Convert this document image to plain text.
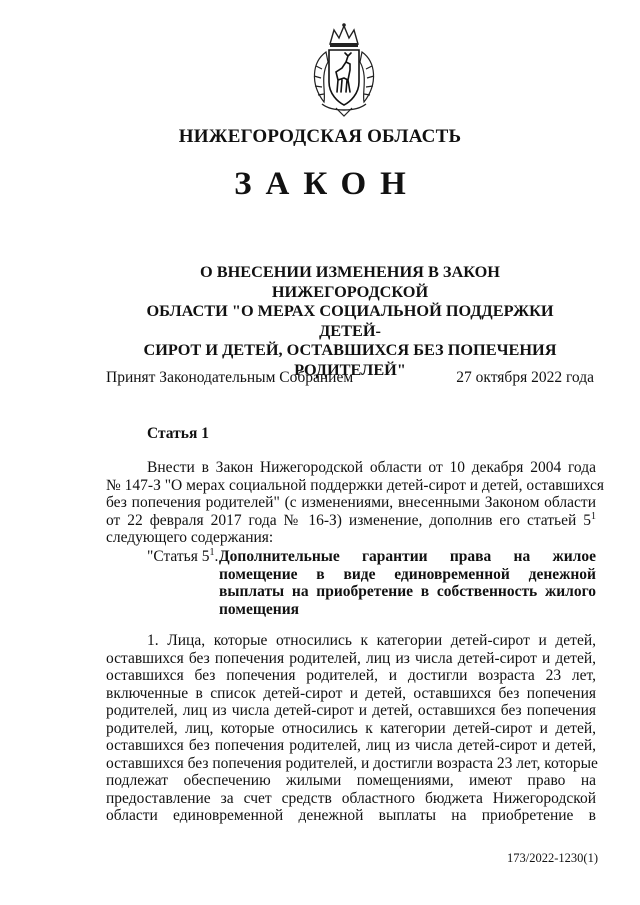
НИЖЕГОРОДСКАЯ ОБЛАСТЬ
ЗАКОН
О ВНЕСЕНИИ ИЗМЕНЕНИЯ В ЗАКОН НИЖЕГОРОДСКОЙ
ОБЛАСТИ "О МЕРАХ СОЦИАЛЬНОЙ ПОДДЕРЖКИ ДЕТЕЙ-
СИРОТ И ДЕТЕЙ, ОСТАВШИХСЯ БЕЗ ПОПЕЧЕНИЯ
РОДИТЕЛЕЙ"
Принят Законодательным Собранием	27 октября 2022 года
Статья 1
Внести в Закон Нижегородской области от 10 декабря 2004 года
№ 147-З "О мерах социальной поддержки детей-сирот и детей, оставшихся
без попечения родителей" (с изменениями, внесенными Законом области
от 22 февраля 2017 года № 16-З) изменение, дополнив его статьей $5^1$
следующего содержания:
"Статья $5^1$. Дополнительные гарантии права на жилое
помещение в виде единовременной денежной
выплаты на приобретение в собственность жилого
помещения
1. Лица, которые относились к категории детей-сирот и детей,
оставшихся без попечения родителей, лиц из числа детей-сирот и детей,
оставшихся без попечения родителей, и достигли возраста 23 лет,
включенные в список детей-сирот и детей, оставшихся без попечения
родителей, лиц из числа детей-сирот и детей, оставшихся без попечения
родителей, лиц, которые относились к категории детей-сирот и детей,
оставшихся без попечения родителей, лиц из числа детей-сирот и детей,
оставшихся без попечения родителей, и достигли возраста 23 лет, которые
подлежат обеспечению жилыми помещениями, имеют право на
предоставление за счет средств областного бюджета Нижегородской
области единовременной денежной выплаты на приобретение в
173/2022-1230(1)
